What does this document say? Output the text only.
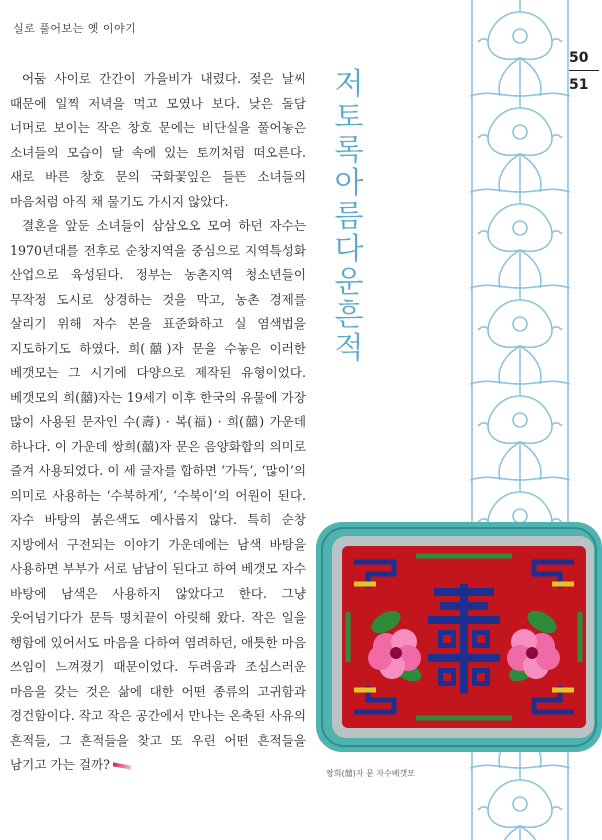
실로 풀어보는 옛 이야기
50
51
저
토
록
아
름
다
운
흔
적

어둠 사이로 간간이 가을비가 내렸다. 젖은 날씨 때문에 일찍 저녁을 먹고 모였나 보다. 낮은 돌담 너머로 보이는 작은 창호 문에는 비단실을 풀어놓은 소녀들의 모습이 달 속에 있는 토끼처럼 떠오른다. 새로 바른 창호 문의 국화꽃잎은 들뜬 소녀들의 마음처럼 아직 채 물기도 가시지 않았다.

결혼을 앞둔 소녀들이 삼삼오오 모여 하던 자수는 1970년대를 전후로 순창지역을 중심으로 지역특성화 산업으로 육성된다. 정부는 농촌지역 청소년들이 무작정 도시로 상경하는 것을 막고, 농촌 경제를 살리기 위해 자수 본을 표준화하고 실 염색법을 지도하기도 하였다. 희(囍)자 문을 수놓은 이러한 베갯모는 그 시기에 다양으로 제작된 유형이었다. 베갯모의 희(囍)자는 19세기 이후 한국의 유물에 가장 많이 사용된 문자인 수(壽) · 복(福) · 희(囍) 가운데 하나다. 이 가운데 쌍희(囍)자 문은 음양화합의 의미로 즐겨 사용되었다. 이 세 글자를 합하면 ‘가득’, ‘많이’의 의미로 사용하는 ‘수북하게’, ‘수북이’의 어원이 된다. 자수 바탕의 붉은색도 예사롭지 않다. 특히 순창 지방에서 구전되는 이야기 가운데에는 남색 바탕을 사용하면 부부가 서로 남남이 된다고 하여 베갯모 자수 바탕에 남색은 사용하지 않았다고 한다. 그냥 웃어넘기다가 문득 명치끝이 아릿해 왔다. 작은 일을 행함에 있어서도 마음을 다하여 염려하던, 애틋한 마음 쓰임이 느껴졌기 때문이었다. 두려움과 조심스러운 마음을 갖는 것은 삶에 대한 어떤 종류의 고귀함과 경건함이다. 작고 작은 공간에서 만나는 온축된 사유의 흔적들, 그 흔적들을 찾고 또 우린 어떤 흔적들을 남기고 가는 걸까?

쌍희(囍)자 문 자수베갯모
